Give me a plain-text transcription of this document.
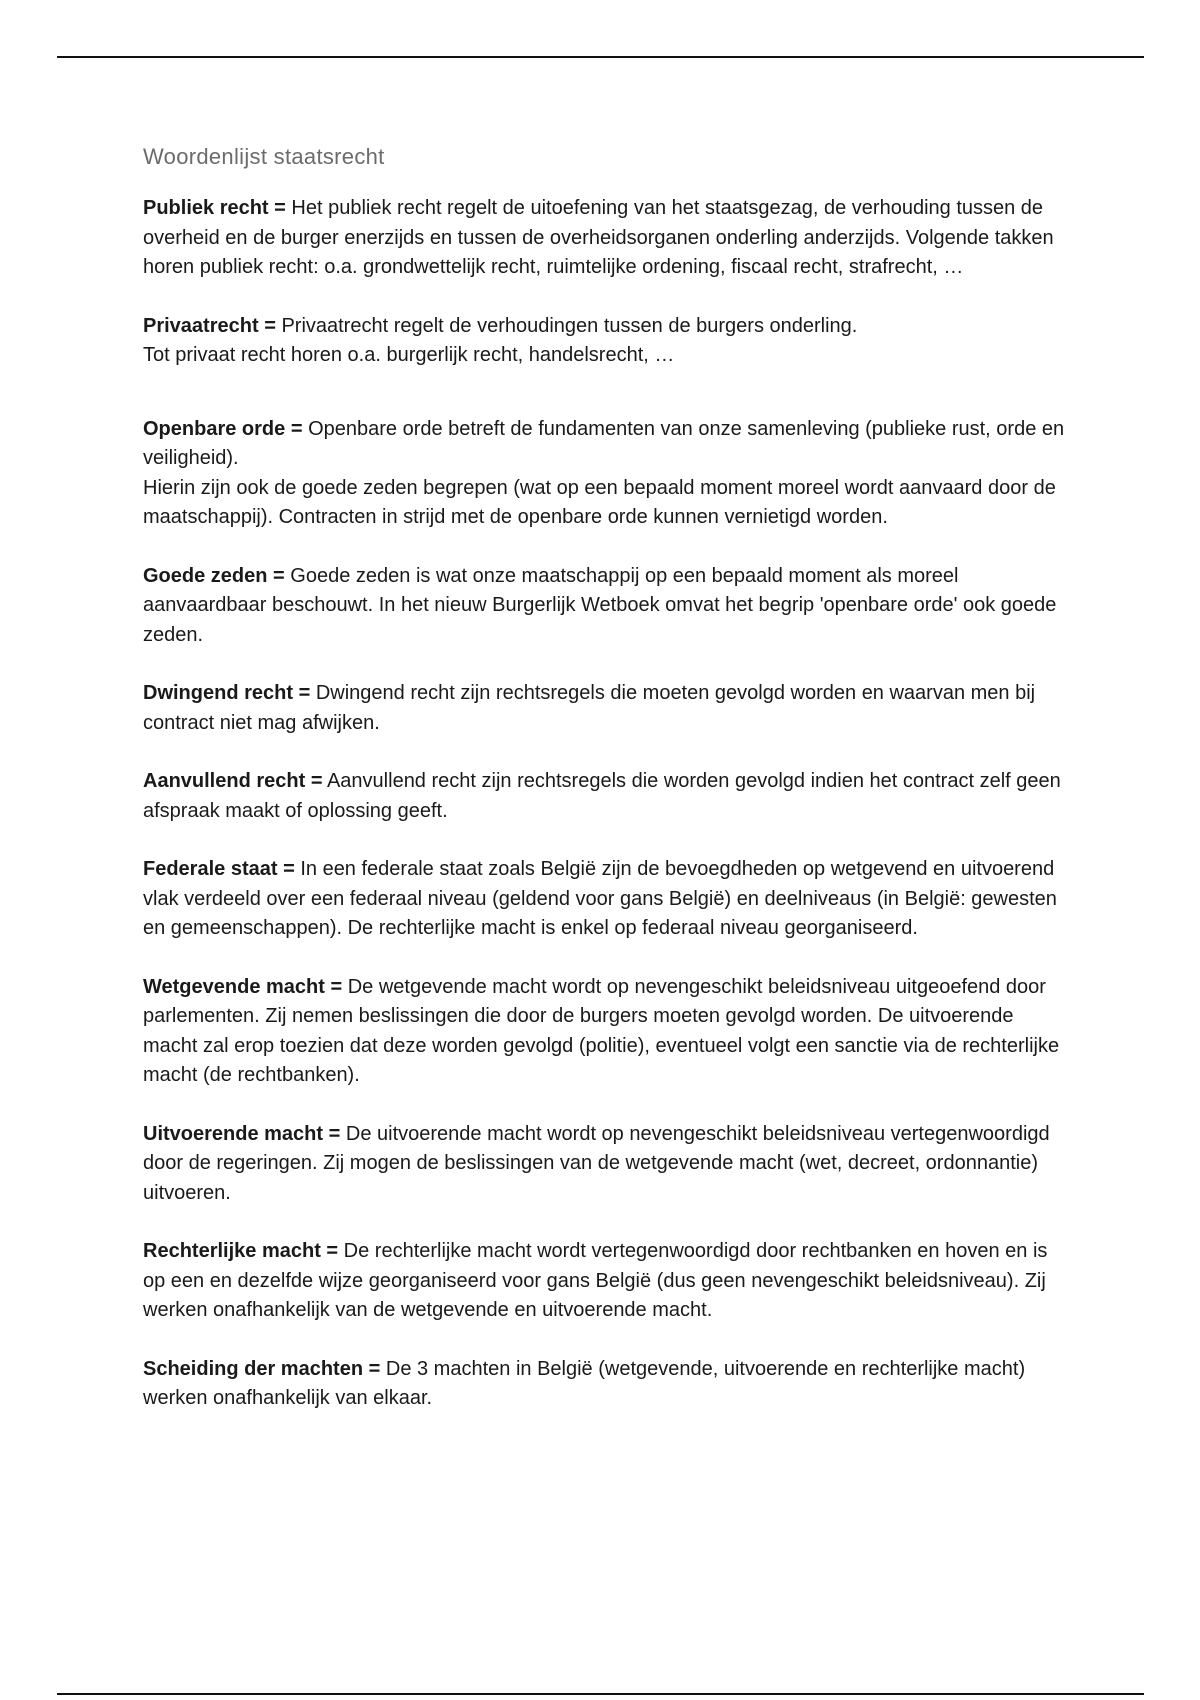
Woordenlijst staatsrecht

Publiek recht = Het publiek recht regelt de uitoefening van het staatsgezag, de verhouding tussen de overheid en de burger enerzijds en tussen de overheidsorganen onderling anderzijds. Volgende takken horen publiek recht: o.a. grondwettelijk recht, ruimtelijke ordening, fiscaal recht, strafrecht, …

Privaatrecht = Privaatrecht regelt de verhoudingen tussen de burgers onderling.
Tot privaat recht horen o.a. burgerlijk recht, handelsrecht, …

Openbare orde = Openbare orde betreft de fundamenten van onze samenleving (publieke rust, orde en veiligheid).
Hierin zijn ook de goede zeden begrepen (wat op een bepaald moment moreel wordt aanvaard door de maatschappij). Contracten in strijd met de openbare orde kunnen vernietigd worden.

Goede zeden = Goede zeden is wat onze maatschappij op een bepaald moment als moreel aanvaardbaar beschouwt. In het nieuw Burgerlijk Wetboek omvat het begrip 'openbare orde' ook goede zeden.

Dwingend recht = Dwingend recht zijn rechtsregels die moeten gevolgd worden en waarvan men bij contract niet mag afwijken.

Aanvullend recht = Aanvullend recht zijn rechtsregels die worden gevolgd indien het contract zelf geen afspraak maakt of oplossing geeft.

Federale staat = In een federale staat zoals België zijn de bevoegdheden op wetgevend en uitvoerend vlak verdeeld over een federaal niveau (geldend voor gans België) en deelniveaus (in België: gewesten en gemeenschappen). De rechterlijke macht is enkel op federaal niveau georganiseerd.

Wetgevende macht = De wetgevende macht wordt op nevengeschikt beleidsniveau uitgeoefend door parlementen. Zij nemen beslissingen die door de burgers moeten gevolgd worden. De uitvoerende macht zal erop toezien dat deze worden gevolgd (politie), eventueel volgt een sanctie via de rechterlijke macht (de rechtbanken).

Uitvoerende macht = De uitvoerende macht wordt op nevengeschikt beleidsniveau vertegenwoordigd door de regeringen. Zij mogen de beslissingen van de wetgevende macht (wet, decreet, ordonnantie) uitvoeren.

Rechterlijke macht = De rechterlijke macht wordt vertegenwoordigd door rechtbanken en hoven en is op een en dezelfde wijze georganiseerd voor gans België (dus geen nevengeschikt beleidsniveau). Zij werken onafhankelijk van de wetgevende en uitvoerende macht.

Scheiding der machten = De 3 machten in België (wetgevende, uitvoerende en rechterlijke macht) werken onafhankelijk van elkaar.
